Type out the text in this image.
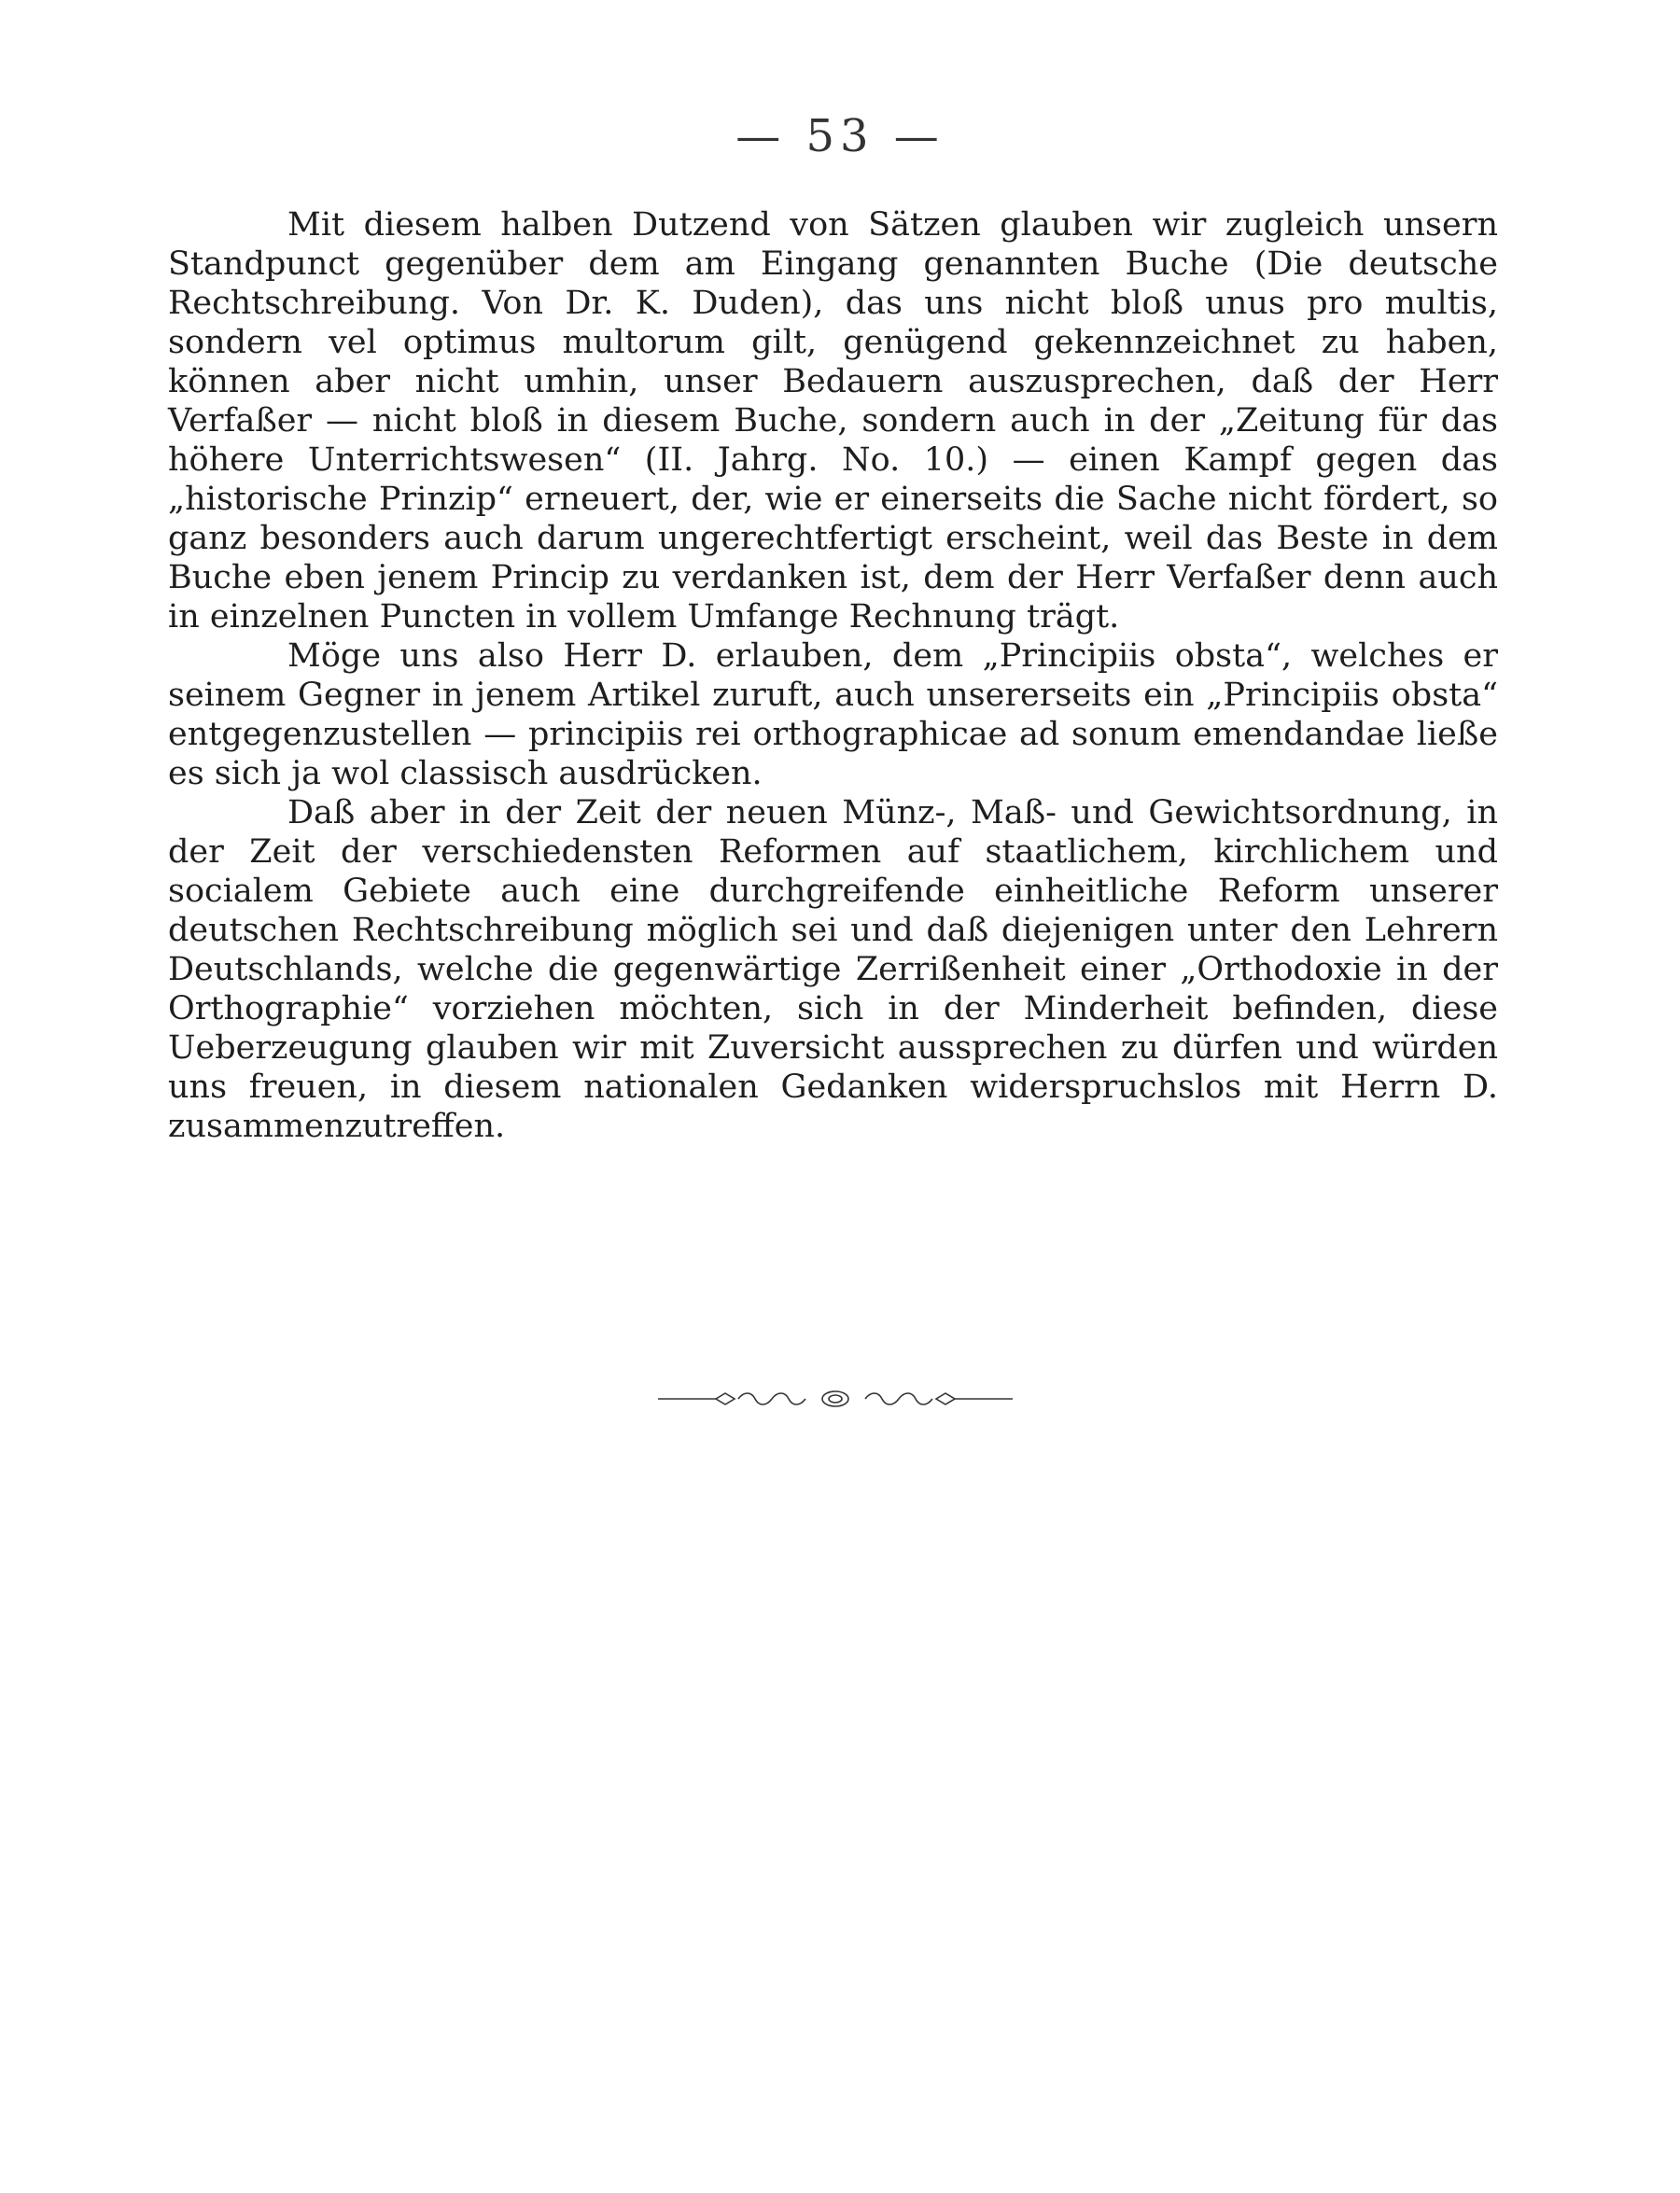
— 53 —

Mit diesem halben Dutzend von Sätzen glauben wir zugleich unsern Standpunct gegenüber dem am Eingang genannten Buche (Die deutsche Rechtschreibung. Von Dr. K. Duden), das uns nicht bloß unus pro multis, sondern vel optimus multorum gilt, genügend gekennzeichnet zu haben, können aber nicht umhin, unser Bedauern auszusprechen, daß der Herr Verfaßer — nicht bloß in diesem Buche, sondern auch in der „Zeitung für das höhere Unterrichtswesen“ (II. Jahrg. No. 10.) — einen Kampf gegen das „historische Prinzip“ erneuert, der, wie er einerseits die Sache nicht fördert, so ganz besonders auch darum ungerechtfertigt erscheint, weil das Beste in dem Buche eben jenem Princip zu verdanken ist, dem der Herr Verfaßer denn auch in einzelnen Puncten in vollem Umfange Rechnung trägt.

Möge uns also Herr D. erlauben, dem „Principiis obsta“, welches er seinem Gegner in jenem Artikel zuruft, auch unsererseits ein „Principiis obsta“ entgegenzustellen — principiis rei orthographicae ad sonum emendandae ließe es sich ja wol classisch ausdrücken.

Daß aber in der Zeit der neuen Münz-, Maß- und Gewichtsordnung, in der Zeit der verschiedensten Reformen auf staatlichem, kirchlichem und socialem Gebiete auch eine durchgreifende einheitliche Reform unserer deutschen Rechtschreibung möglich sei und daß diejenigen unter den Lehrern Deutschlands, welche die gegenwärtige Zerrißenheit einer „Orthodoxie in der Orthographie“ vorziehen möchten, sich in der Minderheit befinden, diese Ueberzeugung glauben wir mit Zuversicht aussprechen zu dürfen und würden uns freuen, in diesem nationalen Gedanken widerspruchslos mit Herrn D. zusammenzutreffen.
